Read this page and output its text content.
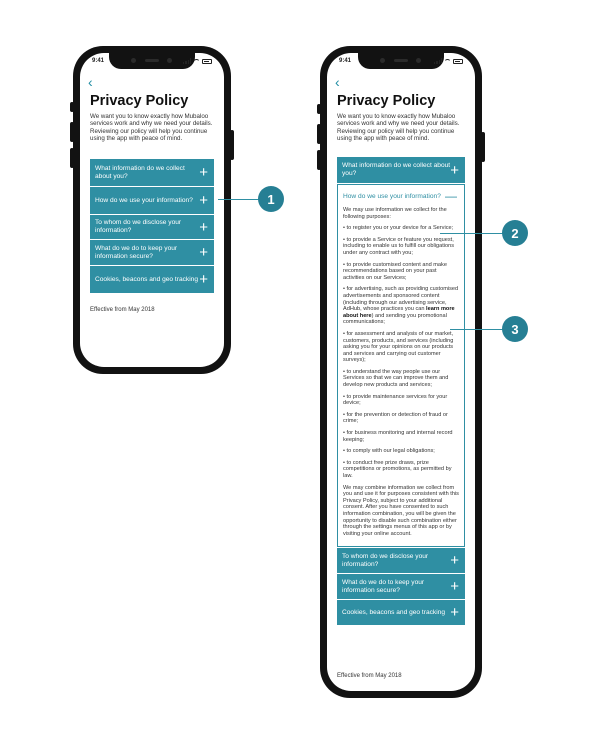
9:41
‹
Privacy Policy
We want you to know exactly how Mubaloo services work and why we need your details. Reviewing our policy will help you continue using the app with peace of mind.
What information do we collect about you?	+
How do we use your information? +
To whom do we disclose your information?	+
What do we do to keep your information secure?	+
Cookies, beacons and geo tracking +
Effective from May 2018
9:41
‹
Privacy Policy
We want you to know exactly how Mubaloo services work and why we need your details. Reviewing our policy will help you continue using the app with peace of mind.
What information do we collect about you?	+
How do we use your information? —

We may use information we collect for the following purposes:

• to register you or your device for a Service;

• to provide a Service or feature you request, including to enable us to fulfill our obligations under any contract with you;

• to provide customised content and make recommendations based on your past activities on our Services;

• for advertising, such as providing customised advertisements and sponsored content (including through our advertising service, AdHub, whose practices you can learn more about here) and sending you promotional communications;

• for assessment and analysis of our market, customers, products, and services (including asking you for your opinions on our products and services and carrying out customer surveys);

• to understand the way people use our Services so that we can improve them and develop new products and services;

• to provide maintenance services for your device;

• for the prevention or detection of fraud or crime;

• for business monitoring and internal record keeping;

• to comply with our legal obligations;

• to conduct free prize draws, prize competitions or promotions, as permitted by law.

We may combine information we collect from you and use it for purposes consistent with this Privacy Policy, subject to your additional consent. After you have consented to such information combination, you will be given the opportunity to disable such combination either through the settings menus of this app or by visiting your online account.

To whom do we disclose your information?	+
What do we do to keep your information secure?	+
Cookies, beacons and geo tracking +
Effective from May 2018
1
2
3
